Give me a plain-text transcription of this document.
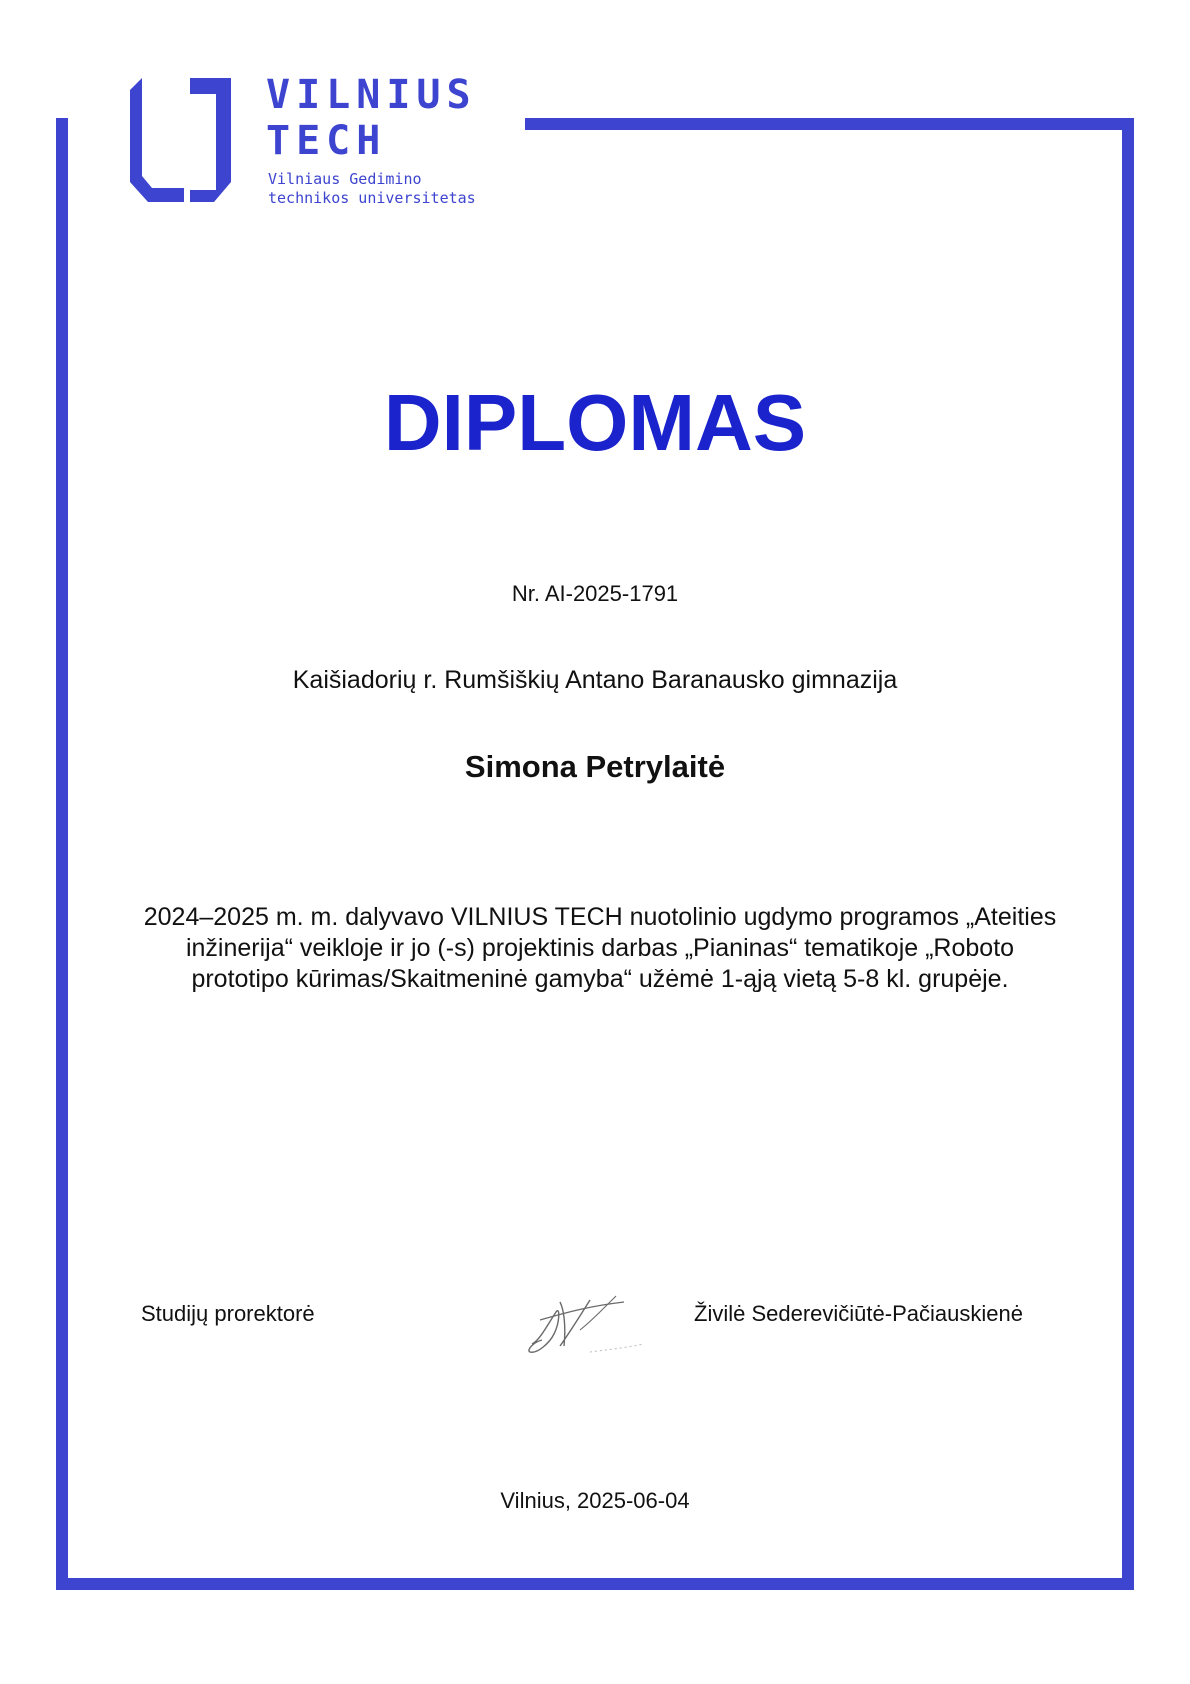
VILNIUS
TECH
Vilniaus Gedimino
technikos universitetas
DIPLOMAS
Nr. AI-2025-1791
Kaišiadorių r. Rumšiškių Antano Baranausko gimnazija
Simona Petrylaitė
2024–2025 m. m. dalyvavo VILNIUS TECH nuotolinio ugdymo programos „Ateities inžinerija“ veikloje ir jo (-s) projektinis darbas „Pianinas“ tematikoje „Roboto prototipo kūrimas/Skaitmeninė gamyba“ užėmė 1-ąją vietą 5-8 kl. grupėje.
Studijų prorektorė	Živilė Sederevičiūtė-Pačiauskienė
Vilnius, 2025-06-04
